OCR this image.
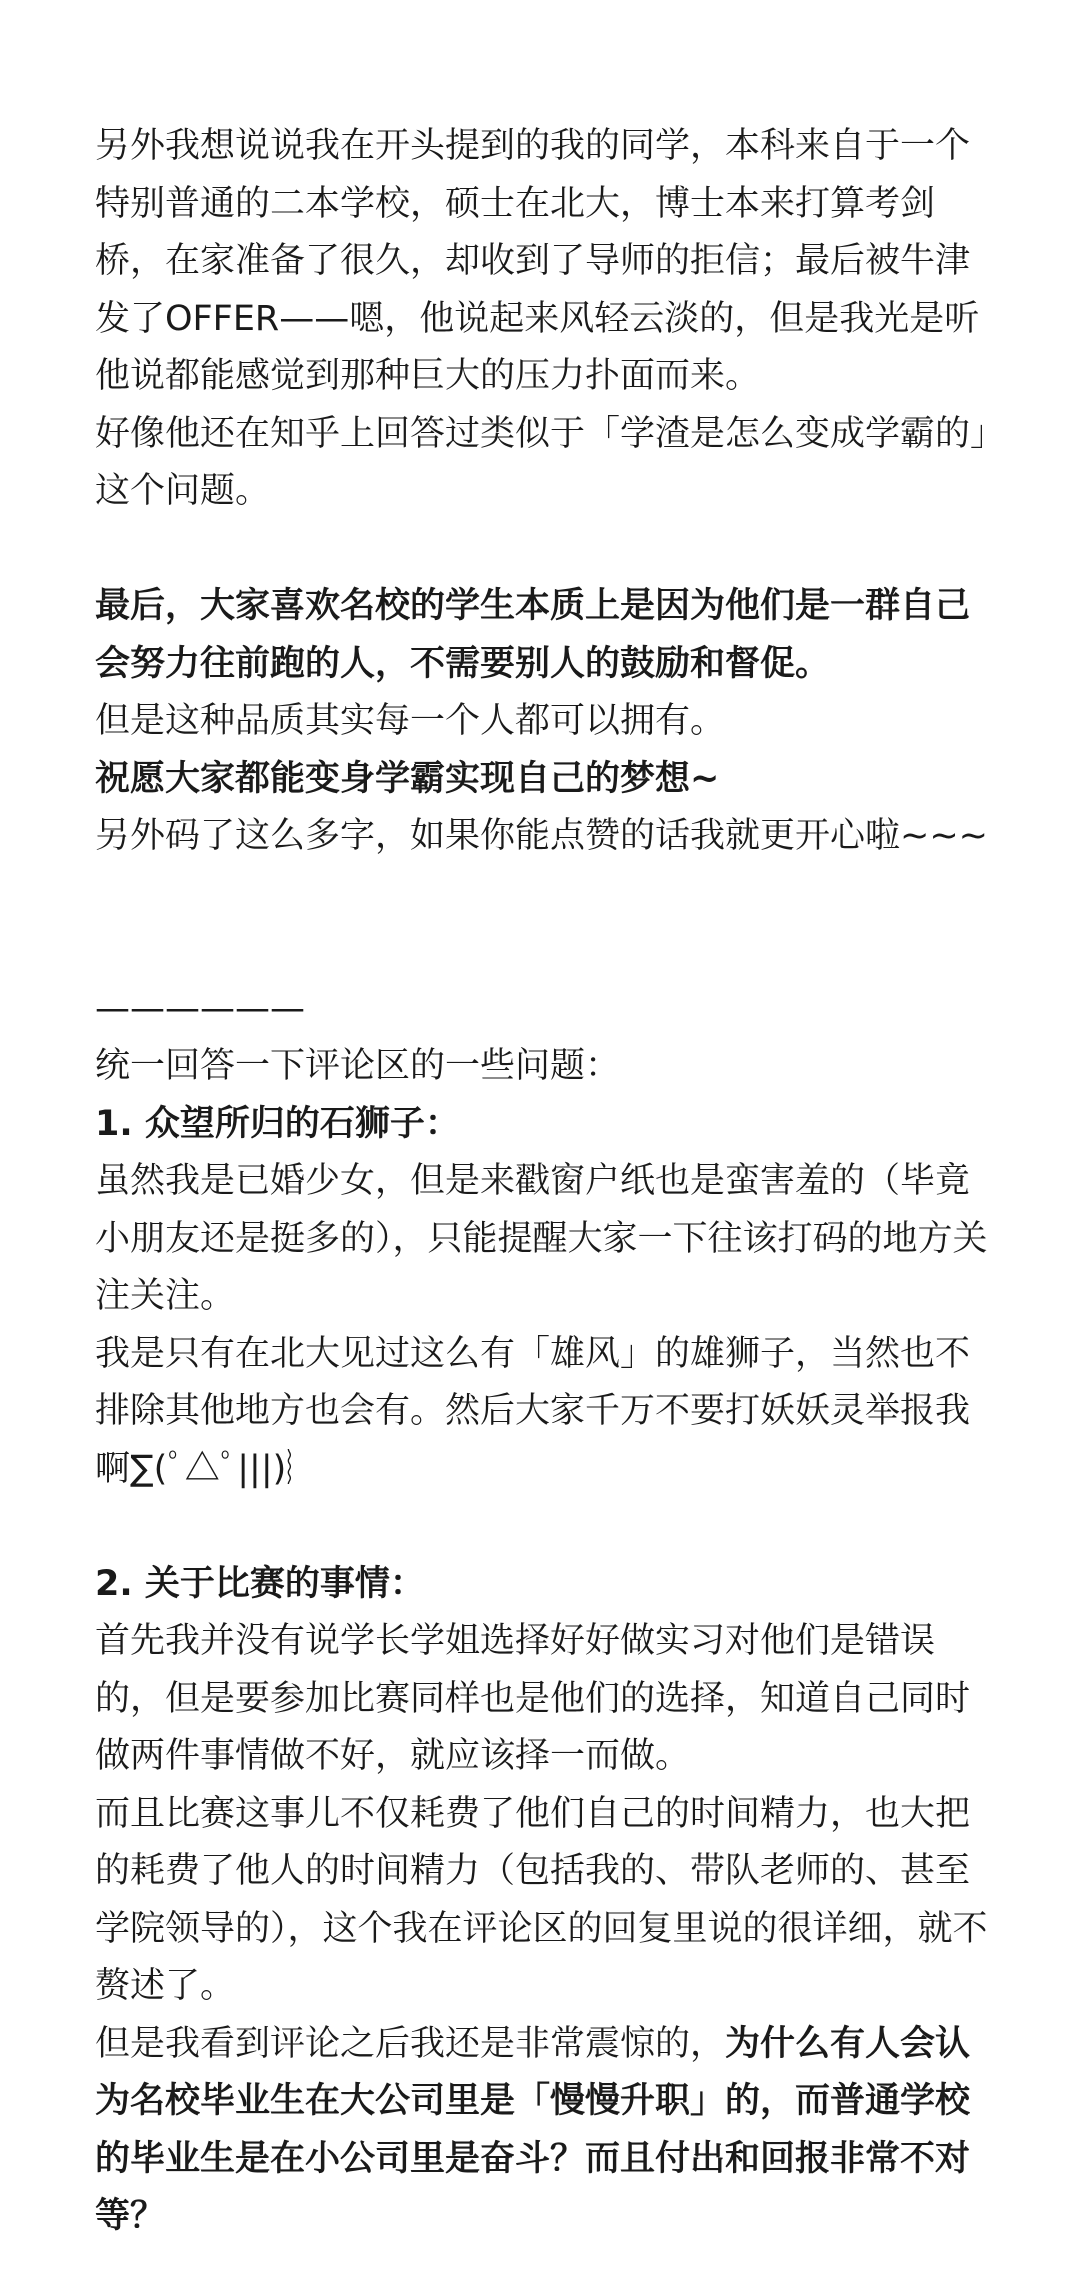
另外我想说说我在开头提到的我的同学，本科来自于一个特别普通的二本学校，硕士在北大，博士本来打算考剑桥，在家准备了很久，却收到了导师的拒信；最后被牛津发了OFFER——嗯，他说起来风轻云淡的，但是我光是听他说都能感觉到那种巨大的压力扑面而来。

好像他还在知乎上回答过类似于「学渣是怎么变成学霸的」这个问题。

最后，大家喜欢名校的学生本质上是因为他们是一群自己会努力往前跑的人，不需要别人的鼓励和督促。

但是这种品质其实每一个人都可以拥有。

祝愿大家都能变身学霸实现自己的梦想~

另外码了这么多字，如果你能点赞的话我就更开心啦~~~

——————

统一回答一下评论区的一些问题：

1. 众望所归的石狮子：

虽然我是已婚少女，但是来戳窗户纸也是蛮害羞的（毕竟小朋友还是挺多的），只能提醒大家一下往该打码的地方关注关注。

我是只有在北大见过这么有「雄风」的雄狮子，当然也不排除其他地方也会有。然后大家千万不要打妖妖灵举报我啊∑(ﾟ△ﾟ|||)︴

2. 关于比赛的事情：

首先我并没有说学长学姐选择好好做实习对他们是错误的，但是要参加比赛同样也是他们的选择，知道自己同时做两件事情做不好，就应该择一而做。

而且比赛这事儿不仅耗费了他们自己的时间精力，也大把的耗费了他人的时间精力（包括我的、带队老师的、甚至学院领导的），这个我在评论区的回复里说的很详细，就不赘述了。

但是我看到评论之后我还是非常震惊的，为什么有人会认为名校毕业生在大公司里是「慢慢升职」的，而普通学校的毕业生是在小公司里是奋斗？而且付出和回报非常不对等？
